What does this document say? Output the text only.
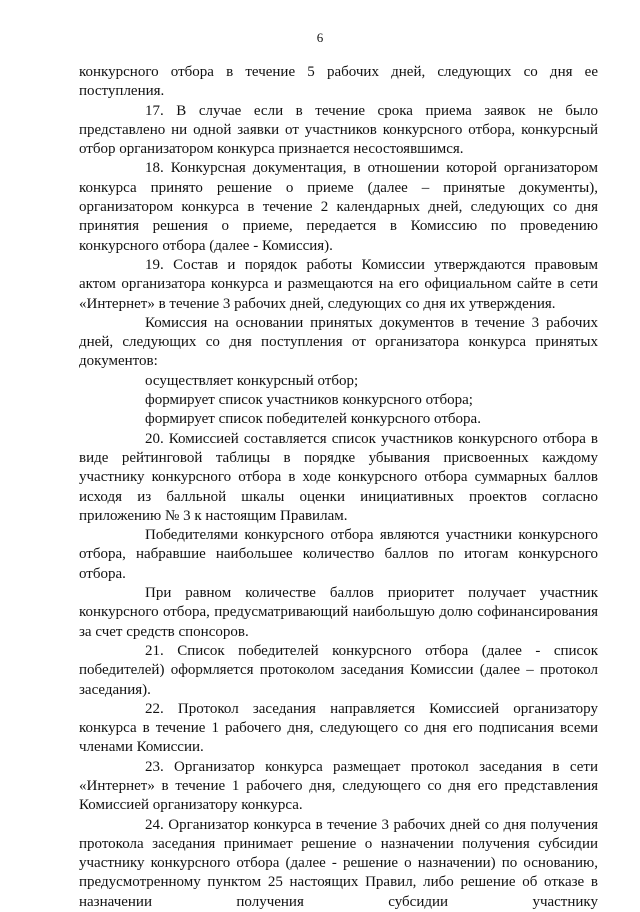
6

конкурсного отбора в течение 5 рабочих дней, следующих со дня ее поступления.

17. В случае если в течение срока приема заявок не было представлено ни одной заявки от участников конкурсного отбора, конкурсный отбор организатором конкурса признается несостоявшимся.

18. Конкурсная документация, в отношении которой организатором конкурса принято решение о приеме (далее – принятые документы), организатором конкурса в течение 2 календарных дней, следующих со дня принятия решения о приеме, передается в Комиссию по проведению конкурсного отбора (далее - Комиссия).

19. Состав и порядок работы Комиссии утверждаются правовым актом организатора конкурса и размещаются на его официальном сайте в сети «Интернет» в течение 3 рабочих дней, следующих со дня их утверждения.

Комиссия на основании принятых документов в течение 3 рабочих дней, следующих со дня поступления от организатора конкурса принятых документов:

осуществляет конкурсный отбор;

формирует список участников конкурсного отбора;

формирует список победителей конкурсного отбора.

20. Комиссией составляется список участников конкурсного отбора в виде рейтинговой таблицы в порядке убывания присвоенных каждому участнику конкурсного отбора в ходе конкурсного отбора суммарных баллов исходя из балльной шкалы оценки инициативных проектов согласно приложению № 3 к настоящим Правилам.

Победителями конкурсного отбора являются участники конкурсного отбора, набравшие наибольшее количество баллов по итогам конкурсного отбора.

При равном количестве баллов приоритет получает участник конкурсного отбора, предусматривающий наибольшую долю софинансирования за счет средств спонсоров.

21. Список победителей конкурсного отбора (далее - список победителей) оформляется протоколом заседания Комиссии (далее – протокол заседания).

22. Протокол заседания направляется Комиссией организатору конкурса в течение 1 рабочего дня, следующего со дня его подписания всеми членами Комиссии.

23. Организатор конкурса размещает протокол заседания в сети «Интернет» в течение 1 рабочего дня, следующего со дня его представления Комиссией организатору конкурса.

24. Организатор конкурса в течение 3 рабочих дней со дня получения протокола заседания принимает решение о назначении получения субсидии участнику конкурсного отбора (далее - решение о назначении) по основанию, предусмотренному пунктом 25 настоящих Правил, либо решение об отказе в назначении получения субсидии участнику
